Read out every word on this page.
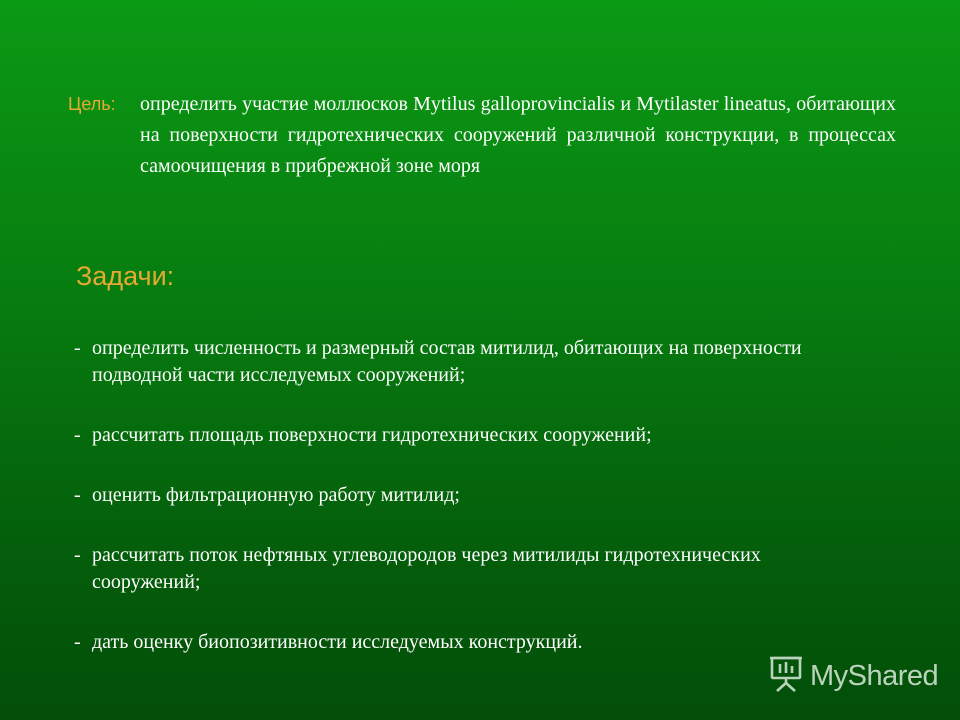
Цель:	определить участие моллюсков Mytilus galloprovincialis и Mytilaster lineatus, обитающих на поверхности гидротехнических сооружений различной конструкции, в процессах самоочищения в прибрежной зоне моря
Задачи:
- определить численность и размерный состав митилид, обитающих на поверхности подводной части исследуемых сооружений;
- рассчитать площадь поверхности гидротехнических сооружений;
- оценить фильтрационную работу митилид;
- рассчитать поток нефтяных углеводородов через митилиды гидротехнических сооружений;
- дать оценку биопозитивности исследуемых конструкций.
MyShared
